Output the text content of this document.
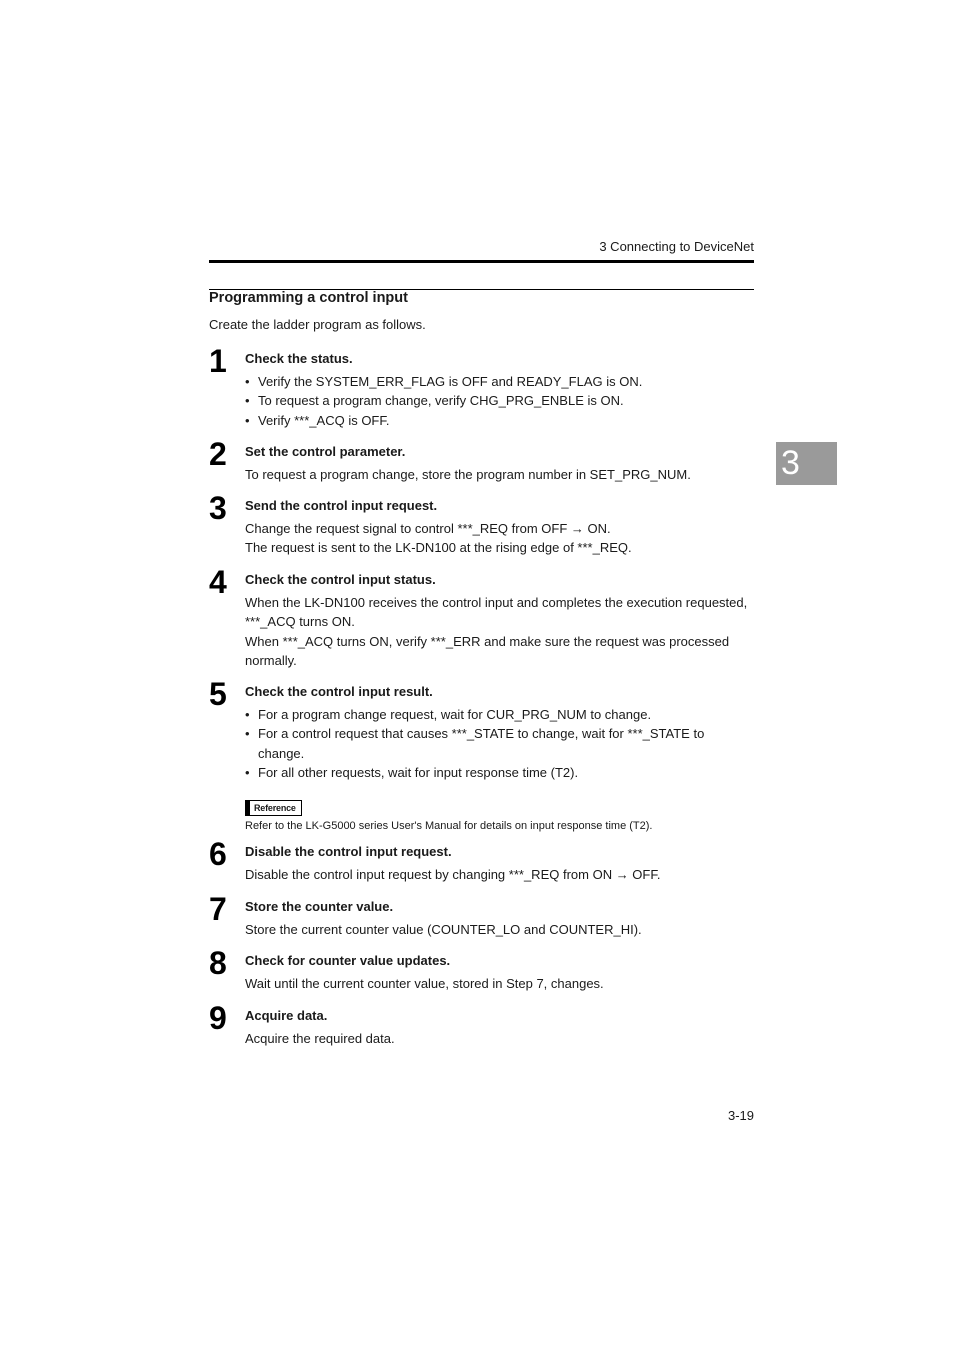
3 Connecting to DeviceNet
Programming a control input
Create the ladder program as follows.
3
1	Check the status.
• Verify the SYSTEM_ERR_FLAG is OFF and READY_FLAG is ON.
• To request a program change, verify CHG_PRG_ENBLE is ON.
• Verify ***_ACQ is OFF.
2	Set the control parameter.
To request a program change, store the program number in SET_PRG_NUM.
3	Send the control input request.
Change the request signal to control ***_REQ from OFF → ON.
The request is sent to the LK-DN100 at the rising edge of ***_REQ.
4	Check the control input status.
When the LK-DN100 receives the control input and completes the execution requested, ***_ACQ turns ON.
When ***_ACQ turns ON, verify ***_ERR and make sure the request was processed normally.
5	Check the control input result.
• For a program change request, wait for CUR_PRG_NUM to change.
• For a control request that causes ***_STATE to change, wait for ***_STATE to change.
• For all other requests, wait for input response time (T2).
Reference
Refer to the LK-G5000 series User's Manual for details on input response time (T2).
6	Disable the control input request.
Disable the control input request by changing ***_REQ from ON → OFF.
7	Store the counter value.
Store the current counter value (COUNTER_LO and COUNTER_HI).
8	Check for counter value updates.
Wait until the current counter value, stored in Step 7, changes.
9	Acquire data.
Acquire the required data.
3-19
